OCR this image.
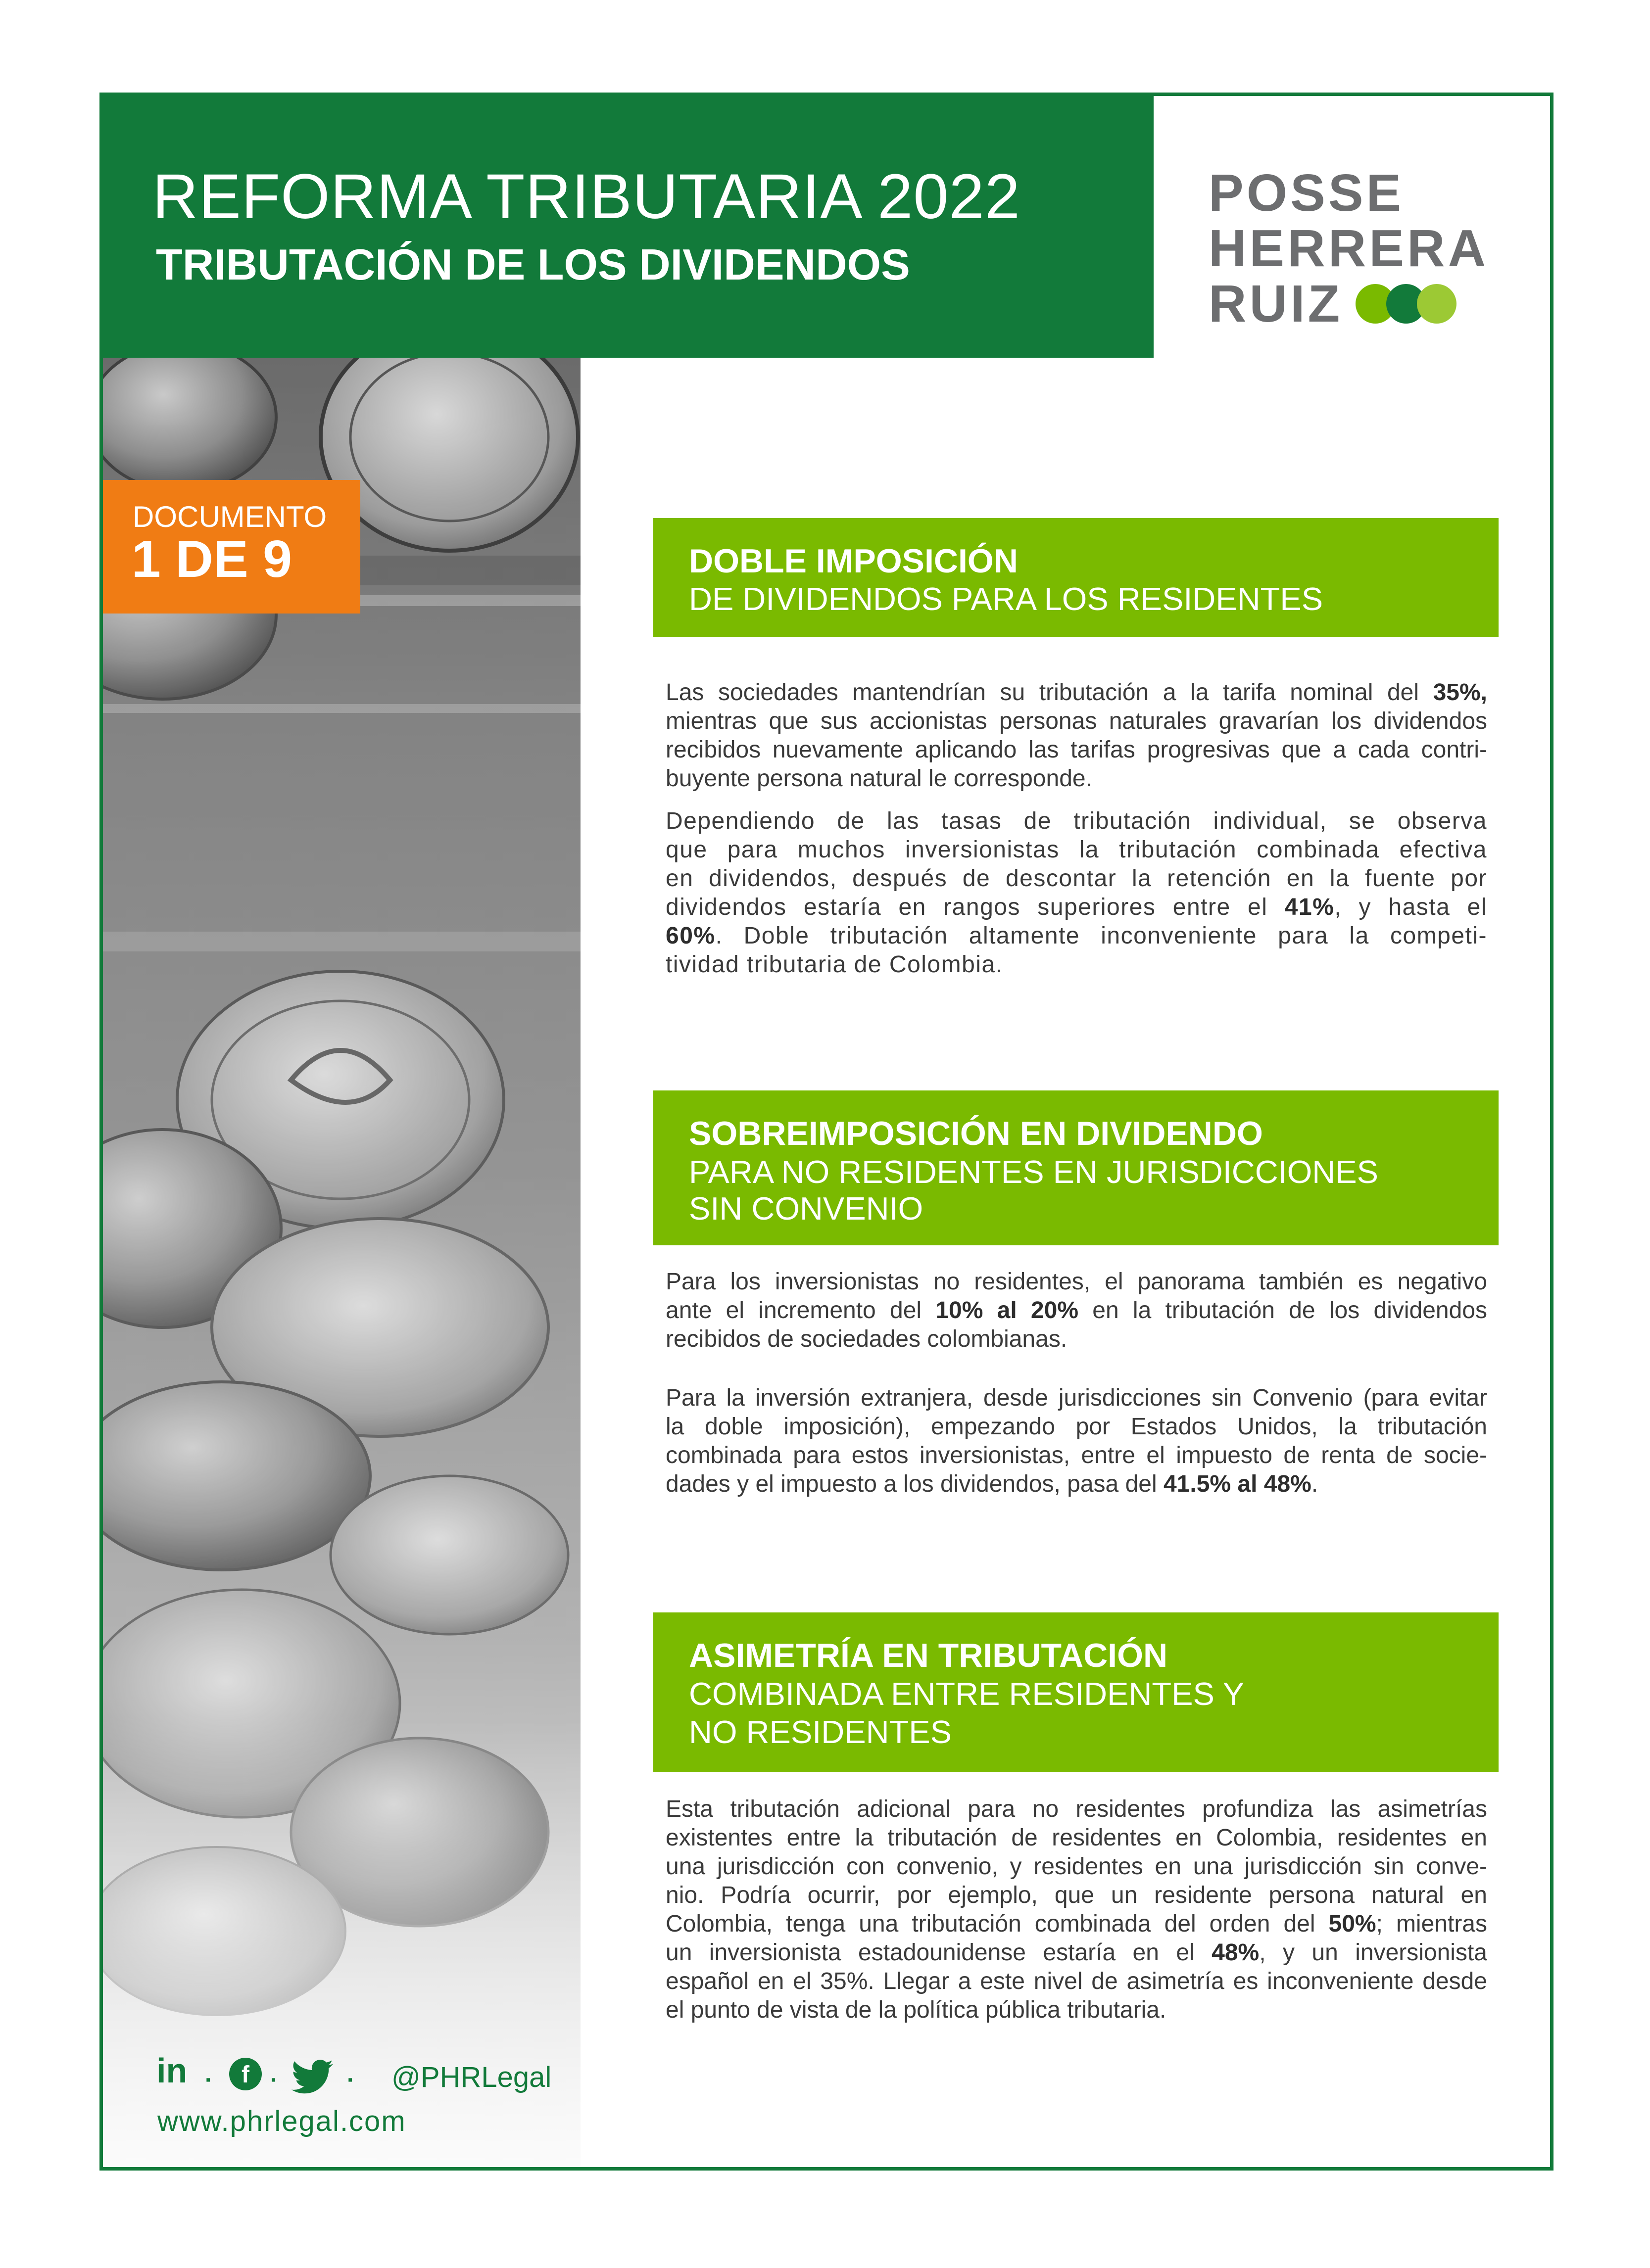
REFORMA TRIBUTARIA 2022
TRIBUTACIÓN DE LOS DIVIDENDOS
POSSE
HERRERA
RUIZ
DOCUMENTO
1 DE 9	DOBLE IMPOSICIÓN
DE DIVIDENDOS PARA LOS RESIDENTES
SOBREIMPOSICIÓN EN DIVIDENDO
PARA NO RESIDENTES EN JURISDICCIONES
SIN CONVENIO
ASIMETRÍA EN TRIBUTACIÓN
COMBINADA ENTRE RESIDENTES Y
NO RESIDENTES

Las sociedades mantendrían su tributación a la tarifa nominal del 35%,
mientras que sus accionistas personas naturales gravarían los dividendos
recibidos nuevamente aplicando las tarifas progresivas que a cada contri-
buyente persona natural le corresponde.

Dependiendo de las tasas de tributación individual, se observa
que para muchos inversionistas la tributación combinada efectiva
en dividendos, después de descontar la retención en la fuente por
dividendos estaría en rangos superiores entre el 41%, y hasta el
60%. Doble tributación altamente inconveniente para la competi-
tividad tributaria de Colombia.

Para los inversionistas no residentes, el panorama también es negativo
ante el incremento del 10% al 20% en la tributación de los dividendos
recibidos de sociedades colombianas.

Para la inversión extranjera, desde jurisdicciones sin Convenio (para evitar
la doble imposición), empezando por Estados Unidos, la tributación
combinada para estos inversionistas, entre el impuesto de renta de socie-
dades y el impuesto a los dividendos, pasa del 41.5% al 48%.

Esta tributación adicional para no residentes profundiza las asimetrías
existentes entre la tributación de residentes en Colombia, residentes en
una jurisdicción con convenio, y residentes en una jurisdicción sin conve-
nio. Podría ocurrir, por ejemplo, que un residente persona natural en
Colombia, tenga una tributación combinada del orden del 50%; mientras
un inversionista estadounidense estaría en el 48%, y un inversionista
español en el 35%. Llegar a este nivel de asimetría es inconveniente desde
el punto de vista de la política pública tributaria.

in · f ·	· @PHRLegal
www.phrlegal.com
